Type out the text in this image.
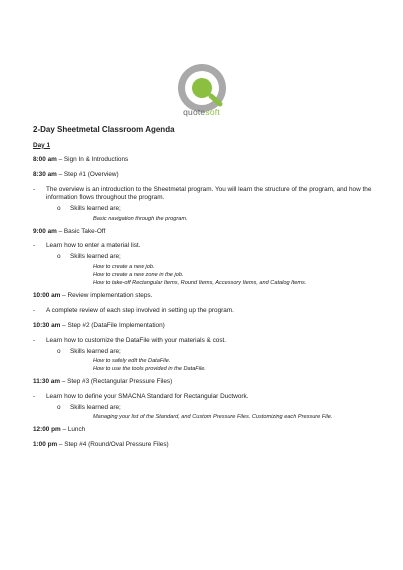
quotesoft
2-Day Sheetmetal Classroom Agenda
Day 1
8:00 am – Sign In & Introductions
8:30 am – Step #1 (Overview)
- The overview is an introduction to the Sheetmetal program. You will learn the structure of the program, and how the information flows throughout the program.
o Skills learned are;
Basic navigation through the program.
9:00 am – Basic Take-Off
- Learn how to enter a material list.
o Skills learned are;
How to create a new job.
How to create a new zone in the job.
How to take-off Rectangular Items, Round Items, Accessory Items, and Catalog Items.
10:00 am – Review implementation steps.
- A complete review of each step involved in setting up the program.
10:30 am – Step #2 (DataFile Implementation)
- Learn how to customize the DataFile with your materials & cost.
o Skills learned are;
How to safely edit the DataFile.
How to use the tools provided in the DataFile.
11:30 am – Step #3 (Rectangular Pressure Files)
- Learn how to define your SMACNA Standard for Rectangular Ductwork.
o Skills learned are;
Managing your list of the Standard, and Custom Pressure Files. Customizing each Pressure File.
12:00 pm – Lunch
1:00 pm – Step #4 (Round/Oval Pressure Files)
